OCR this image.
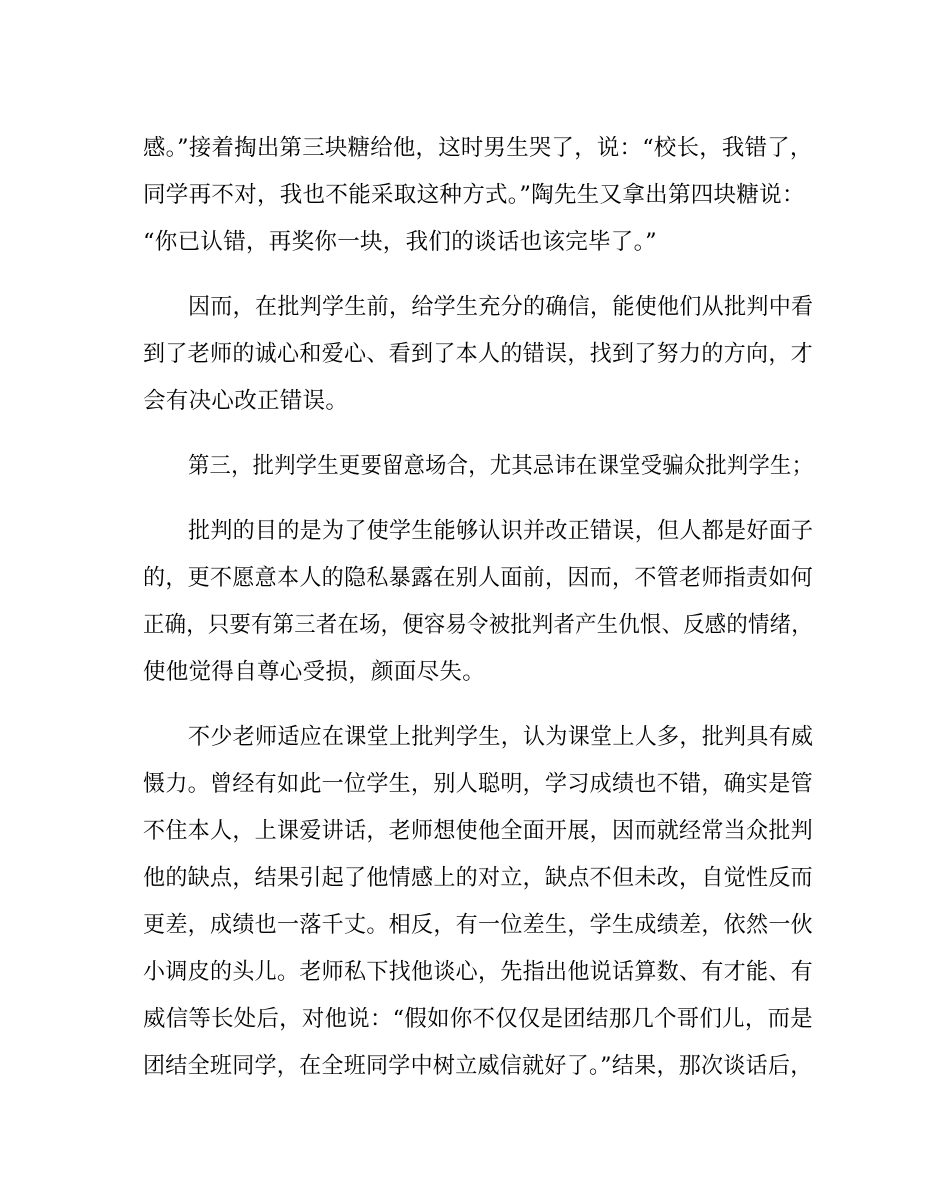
感。”接着掏出第三块糖给他，这时男生哭了，说：“校长，我错了，
同学再不对，我也不能采取这种方式。”陶先生又拿出第四块糖说：
“你已认错，再奖你一块，我们的谈话也该完毕了。”
因而，在批判学生前，给学生充分的确信，能使他们从批判中看
到了老师的诚心和爱心、看到了本人的错误，找到了努力的方向，才
会有决心改正错误。
第三，批判学生更要留意场合，尤其忌讳在课堂受骗众批判学生；
批判的目的是为了使学生能够认识并改正错误，但人都是好面子
的，更不愿意本人的隐私暴露在别人面前，因而，不管老师指责如何
正确，只要有第三者在场，便容易令被批判者产生仇恨、反感的情绪，
使他觉得自尊心受损，颜面尽失。
不少老师适应在课堂上批判学生，认为课堂上人多，批判具有威
慑力。曾经有如此一位学生，别人聪明，学习成绩也不错，确实是管
不住本人，上课爱讲话，老师想使他全面开展，因而就经常当众批判
他的缺点，结果引起了他情感上的对立，缺点不但未改，自觉性反而
更差，成绩也一落千丈。相反，有一位差生，学生成绩差，依然一伙
小调皮的头儿。老师私下找他谈心，先指出他说话算数、有才能、有
威信等长处后，对他说：“假如你不仅仅是团结那几个哥们儿，而是
团结全班同学，在全班同学中树立威信就好了。”结果，那次谈话后，
